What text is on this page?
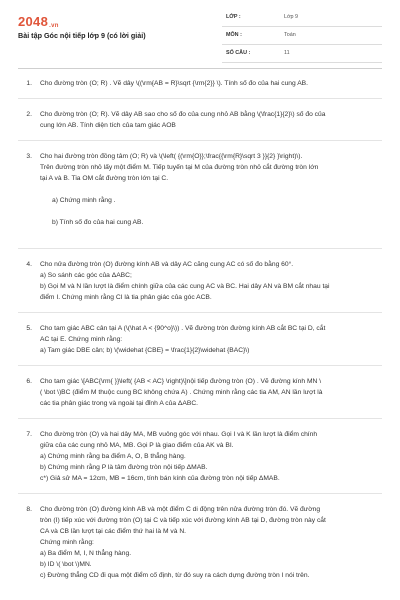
2048.vn
Bài tập Góc nội tiếp lớp 9 (có lời giải)
LỚP :	Lớp 9
MÔN :	Toán
SỐ CÂU :	11
1. Cho đường tròn (O; R) . Vẽ dây \((\rm{AB = R}\sqrt {\rm{2}} \). Tính số đo của hai cung AB.
2. Cho đường tròn (O; R). Vẽ dây AB sao cho số đo của cung nhỏ AB bằng \(\frac{1}{2}\) số đo của
cung lớn AB. Tính diện tích của tam giác AOB
3. Cho hai đường tròn đồng tâm (O; R) và \(\left( {(\rm{O}};\frac{{\rm{R}\sqrt 3 }}{2} }\right)\).
Trên đường tròn nhỏ lấy một điểm M. Tiếp tuyến tại M của đường tròn nhỏ cắt đường tròn lớn
tại A và B. Tia OM cắt đường tròn lớn tại C.

a) Chứng minh rằng .

b) Tính số đo của hai cung AB.

4. Cho nửa đường tròn (O) đường kính AB và dây AC căng cung AC có số đo bằng 60°.
a) So sánh các góc của ΔABC;
b) Gọi M và N lần lượt là điểm chính giữa của các cung AC và BC. Hai dây AN và BM cắt nhau tại
điểm I. Chứng minh rằng CI là tia phân giác của góc ACB.
5. Cho tam giác ABC cân tại A (\(\hat A < {90^o}\)) . Vẽ đường tròn đường kính AB cắt BC tại D, cắt
AC tại E. Chứng minh rằng:
a) Tam giác DBE cân; b) \(\widehat {CBE} = \frac{1}{2}\widehat {BAC}\)
6. Cho tam giác \[ABC{\rm{ }}\left( {AB < AC} \right)\]nội tiếp đường tròn (O) . Vẽ đường kính MN \
( \bot \)BC (điểm M thuộc cung BC không chứa A) . Chứng minh rằng các tia AM, AN lần lượt là
các tia phân giác trong và ngoài tại đỉnh A của ΔABC.
7. Cho đường tròn (O) và hai dây MA, MB vuông góc với nhau. Gọi I và K lần lượt là điểm chính
giữa của các cung nhỏ MA, MB. Gọi P là giao điểm của AK và BI.
a) Chứng minh rằng ba điểm A, O, B thẳng hàng.
b) Chứng minh rằng P là tâm đường tròn nội tiếp ΔMAB.
c*) Giả sử MA = 12cm, MB = 16cm, tính bán kính của đường tròn nội tiếp ΔMAB.
8. Cho đường tròn (O) đường kính AB và một điểm C di động trên nửa đường tròn đó. Vẽ đường
tròn (I) tiếp xúc với đường tròn (O) tại C và tiếp xúc với đường kính AB tại D, đường tròn này cắt
CA và CB lần lượt tại các điểm thứ hai là M và N.
Chứng minh rằng:
a) Ba điểm M, I, N thẳng hàng.
b) ID \( \bot \)MN.
c) Đường thẳng CD đi qua một điểm cố định, từ đó suy ra cách dựng đường tròn I nói trên.
